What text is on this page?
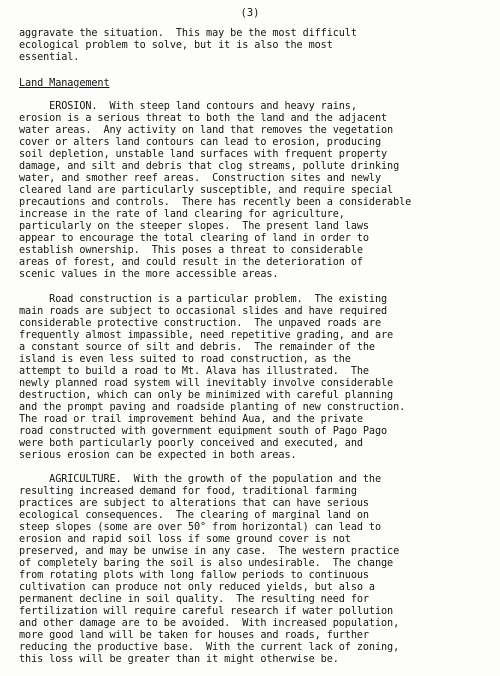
(3)
aggravate the situation.  This may be the most difficult
ecological problem to solve, but it is also the most
essential.
Land Management
EROSION.  With steep land contours and heavy rains,
erosion is a serious threat to both the land and the adjacent
water areas.  Any activity on land that removes the vegetation
cover or alters land contours can lead to erosion, producing
soil depletion, unstable land surfaces with frequent property
damage, and silt and debris that clog streams, pollute drinking
water, and smother reef areas.  Construction sites and newly
cleared land are particularly susceptible, and require special
precautions and controls.  There has recently been a considerable
increase in the rate of land clearing for agriculture,
particularly on the steeper slopes.  The present land laws
appear to encourage the total clearing of land in order to
establish ownership.  This poses a threat to considerable
areas of forest, and could result in the deterioration of
scenic values in the more accessible areas.
Road construction is a particular problem.  The existing
main roads are subject to occasional slides and have required
considerable protective construction.  The unpaved roads are
frequently almost impassible, need repetitive grading, and are
a constant source of silt and debris.  The remainder of the
island is even less suited to road construction, as the
attempt to build a road to Mt. Alava has illustrated.  The
newly planned road system will inevitably involve considerable
destruction, which can only be minimized with careful planning
and the prompt paving and roadside planting of new construction.
The road or trail improvement behind Aua, and the private
road constructed with government equipment south of Pago Pago
were both particularly poorly conceived and executed, and
serious erosion can be expected in both areas.
AGRICULTURE.  With the growth of the population and the
resulting increased demand for food, traditional farming
practices are subject to alterations that can have serious
ecological consequences.  The clearing of marginal land on
steep slopes (some are over 50° from horizontal) can lead to
erosion and rapid soil loss if some ground cover is not
preserved, and may be unwise in any case.  The western practice
of completely baring the soil is also undesirable.  The change
from rotating plots with long fallow periods to continuous
cultivation can produce not only reduced yields, but also a
permanent decline in soil quality.  The resulting need for
fertilization will require careful research if water pollution
and other damage are to be avoided.  With increased population,
more good land will be taken for houses and roads, further
reducing the productive base.  With the current lack of zoning,
this loss will be greater than it might otherwise be.
